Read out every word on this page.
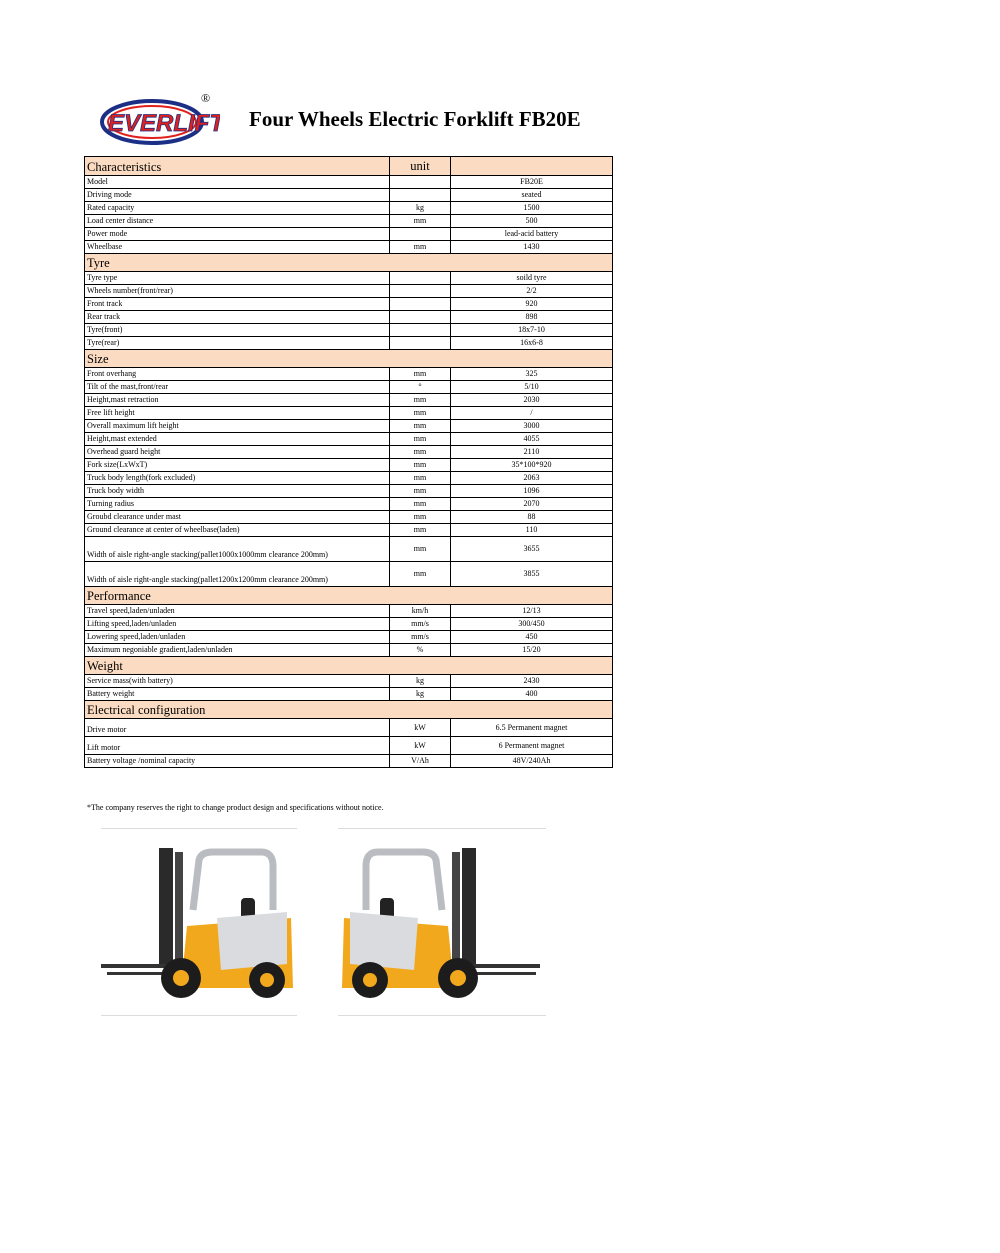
EVERLIFT
®
Four Wheels Electric Forklift FB20E
Characteristics	unit	
Model		FB20E
Driving mode		seated
Rated capacity	kg	1500
Load center distance	mm	500
Power mode		lead-acid battery
Wheelbase	mm	1430
Tyre		
Tyre type		soild tyre
Wheels number(front/rear)		2/2
Front track		920
Rear track		898
Tyre(front)		18x7-10
Tyre(rear)		16x6-8
Size		
Front overhang	mm	325
Tilt of the mast,front/rear	°	5/10
Height,mast retraction	mm	2030
Free lift height	mm	/
Overall maximum lift height	mm	3000
Height,mast extended	mm	4055
Overhead guard height	mm	2110
Fork size(LxWxT)	mm	35*100*920
Truck body length(fork excluded)	mm	2063
Truck body width	mm	1096
Turning radius	mm	2070
Groubd clearance under mast	mm	88
Ground clearance at center of wheelbase(laden)	mm	110
Width of aisle right-angle stacking(pallet1000x1000mm clearance 200mm)	mm	3655
Width of aisle right-angle stacking(pallet1200x1200mm clearance 200mm)	mm	3855
Performance		
Travel speed,laden/unladen	km/h	12/13
Lifting speed,laden/unladen	mm/s	300/450
Lowering speed,laden/unladen	mm/s	450
Maximum negoniable gradient,laden/unladen	%	15/20
Weight		
Service mass(with battery)	kg	2430
Battery weight	kg	400
Electrical configuration		
Drive motor	kW	6.5 Permanent magnet
Lift motor	kW	6 Permanent magnet
Battery voltage /nominal capacity	V/Ah	48V/240Ah
*The company reserves the right to change product design and specifications without notice.
